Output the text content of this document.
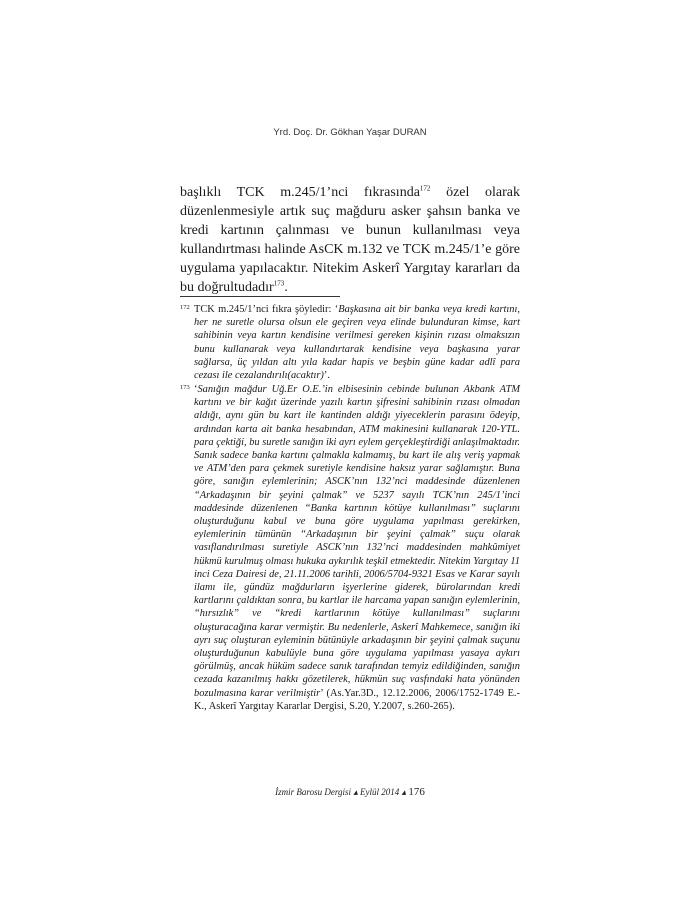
Yrd. Doç. Dr. Gökhan Yaşar DURAN
başlıklı TCK m.245/1’nci fıkrasında$^{172}$ özel olarak düzenlenmesiyle artık suç mağduru asker şahsın banka ve kredi kartının çalınması ve bunun kullanılması veya kullandırtması halinde AsCK m.132 ve TCK m.245/1’e göre uygulama yapılacaktır. Nitekim Askerî Yargıtay kararları da bu doğrultudadır$^{173}$.
172 TCK m.245/1’nci fıkra şöyledir: ‘Başkasına ait bir banka veya kredi kartını, her ne suretle olursa olsun ele geçiren veya elinde bulunduran kimse, kart sahibinin veya kartın kendisine verilmesi gereken kişinin rızası olmaksızın bunu kullanarak veya kullandırtarak kendisine veya başkasına yarar sağlarsa, üç yıldan altı yıla kadar hapis ve beşbin güne kadar adlî para cezası ile cezalandırılı(acaktır)’.
173 ‘Sanığın mağdur Uğ.Er O.E.’in elbisesinin cebinde bulunan Akbank ATM kartını ve bir kağıt üzerinde yazılı kartın şifresini sahibinin rızası olmadan aldığı, aynı gün bu kart ile kantinden aldığı yiyeceklerin parasını ödeyip, ardından karta ait banka hesabından, ATM makinesini kullanarak 120-YTL. para çektiği, bu suretle sanığın iki ayrı eylem gerçekleştirdiği anlaşılmaktadır. Sanık sadece banka kartını çalmakla kalmamış, bu kart ile alış veriş yapmak ve ATM’den para çekmek suretiyle kendisine haksız yarar sağlamıştır. Buna göre, sanığın eylemlerinin; ASCK’nın 132’nci maddesinde düzenlenen “Arkadaşının bir şeyini çalmak” ve 5237 sayılı TCK’nın 245/1’inci maddesinde düzenlenen “Banka kartının kötüye kullanılması” suçlarını oluşturduğunu kabul ve buna göre uygulama yapılması gerekirken, eylemlerinin tümünün “Arkadaşının bir şeyini çalmak” suçu olarak vasıflandırılması suretiyle ASCK’nın 132’nci maddesinden mahkûmiyet hükmü kurulmuş olması hukuka aykırılık teşkil etmektedir. Nitekim Yargıtay 11 inci Ceza Dairesi de, 21.11.2006 tarihli, 2006/5704-9321 Esas ve Karar sayılı ilamı ile, gündüz mağdurların işyerlerine giderek, bürolarından kredi kartlarını çaldıktan sonra, bu kartlar ile harcama yapan sanığın eylemlerinin, “hırsızlık” ve “kredi kartlarının kötüye kullanılması” suçlarını oluşturacağına karar vermiştir. Bu nedenlerle, Askerî Mahkemece, sanığın iki ayrı suç oluşturan eyleminin bütünüyle arkadaşının bir şeyini çalmak suçunu oluşturduğunun kabulüyle buna göre uygulama yapılması yasaya aykırı görülmüş, ancak hüküm sadece sanık tarafından temyiz edildiğinden, sanığın cezada kazanılmış hakkı gözetilerek, hükmün suç vasfındaki hata yönünden bozulmasına karar verilmiştir’ (As.Yar.3D., 12.12.2006, 2006/1752-1749 E.-K., Askerî Yargıtay Kararlar Dergisi, S.20, Y.2007, s.260-265).
İzmir Barosu Dergisi ▴ Eylül 2014 ▴ 176
